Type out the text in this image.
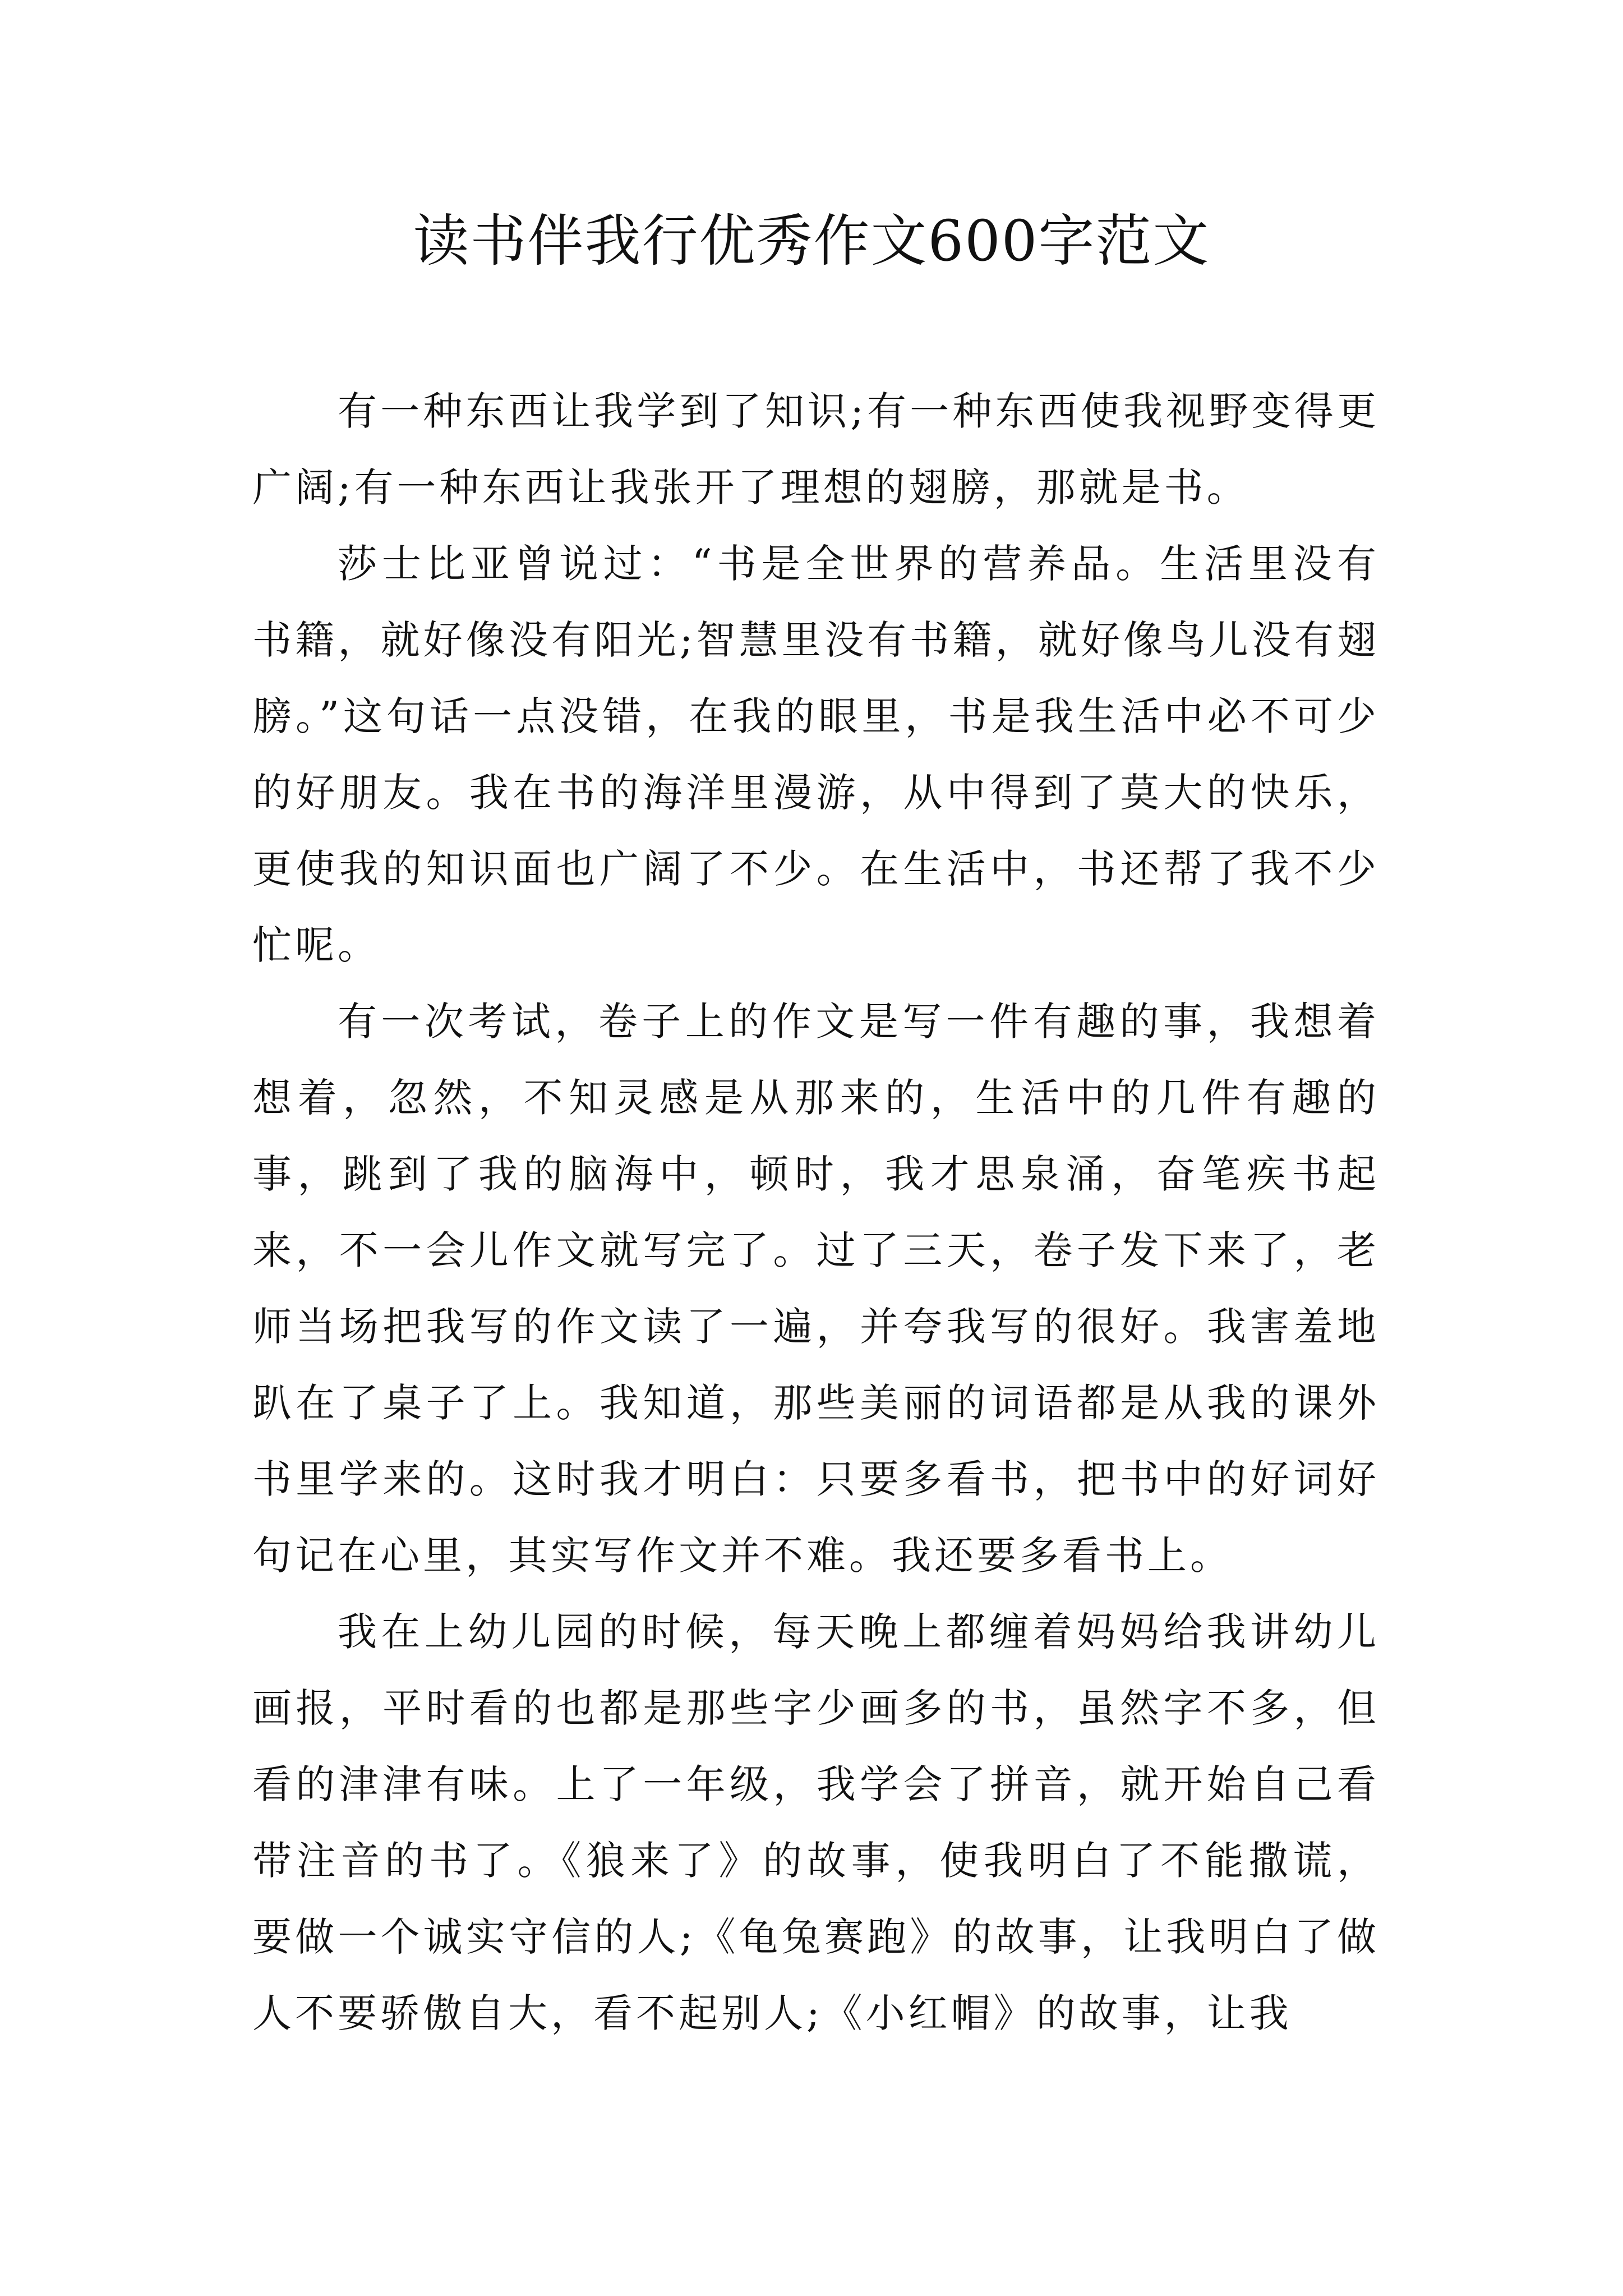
读书伴我行优秀作文600字范文

有一种东西让我学到了知识;有一种东西使我视野变得更广阔;有一种东西让我张开了理想的翅膀，那就是书。

莎士比亚曾说过：“书是全世界的营养品。生活里没有书籍，就好像没有阳光;智慧里没有书籍，就好像鸟儿没有翅膀。”这句话一点没错，在我的眼里，书是我生活中必不可少的好朋友。我在书的海洋里漫游，从中得到了莫大的快乐，更使我的知识面也广阔了不少。在生活中，书还帮了我不少忙呢。

有一次考试，卷子上的作文是写一件有趣的事，我想着想着，忽然，不知灵感是从那来的，生活中的几件有趣的事，跳到了我的脑海中，顿时，我才思泉涌，奋笔疾书起来，不一会儿作文就写完了。过了三天，卷子发下来了，老师当场把我写的作文读了一遍，并夸我写的很好。我害羞地趴在了桌子了上。我知道，那些美丽的词语都是从我的课外书里学来的。这时我才明白：只要多看书，把书中的好词好句记在心里，其实写作文并不难。我还要多看书上。

我在上幼儿园的时候，每天晚上都缠着妈妈给我讲幼儿画报，平时看的也都是那些字少画多的书，虽然字不多，但看的津津有味。上了一年级，我学会了拼音，就开始自己看带注音的书了。《狼来了》的故事，使我明白了不能撒谎，要做一个诚实守信的人;《龟兔赛跑》的故事，让我明白了做人不要骄傲自大，看不起别人;《小红帽》的故事，让我
